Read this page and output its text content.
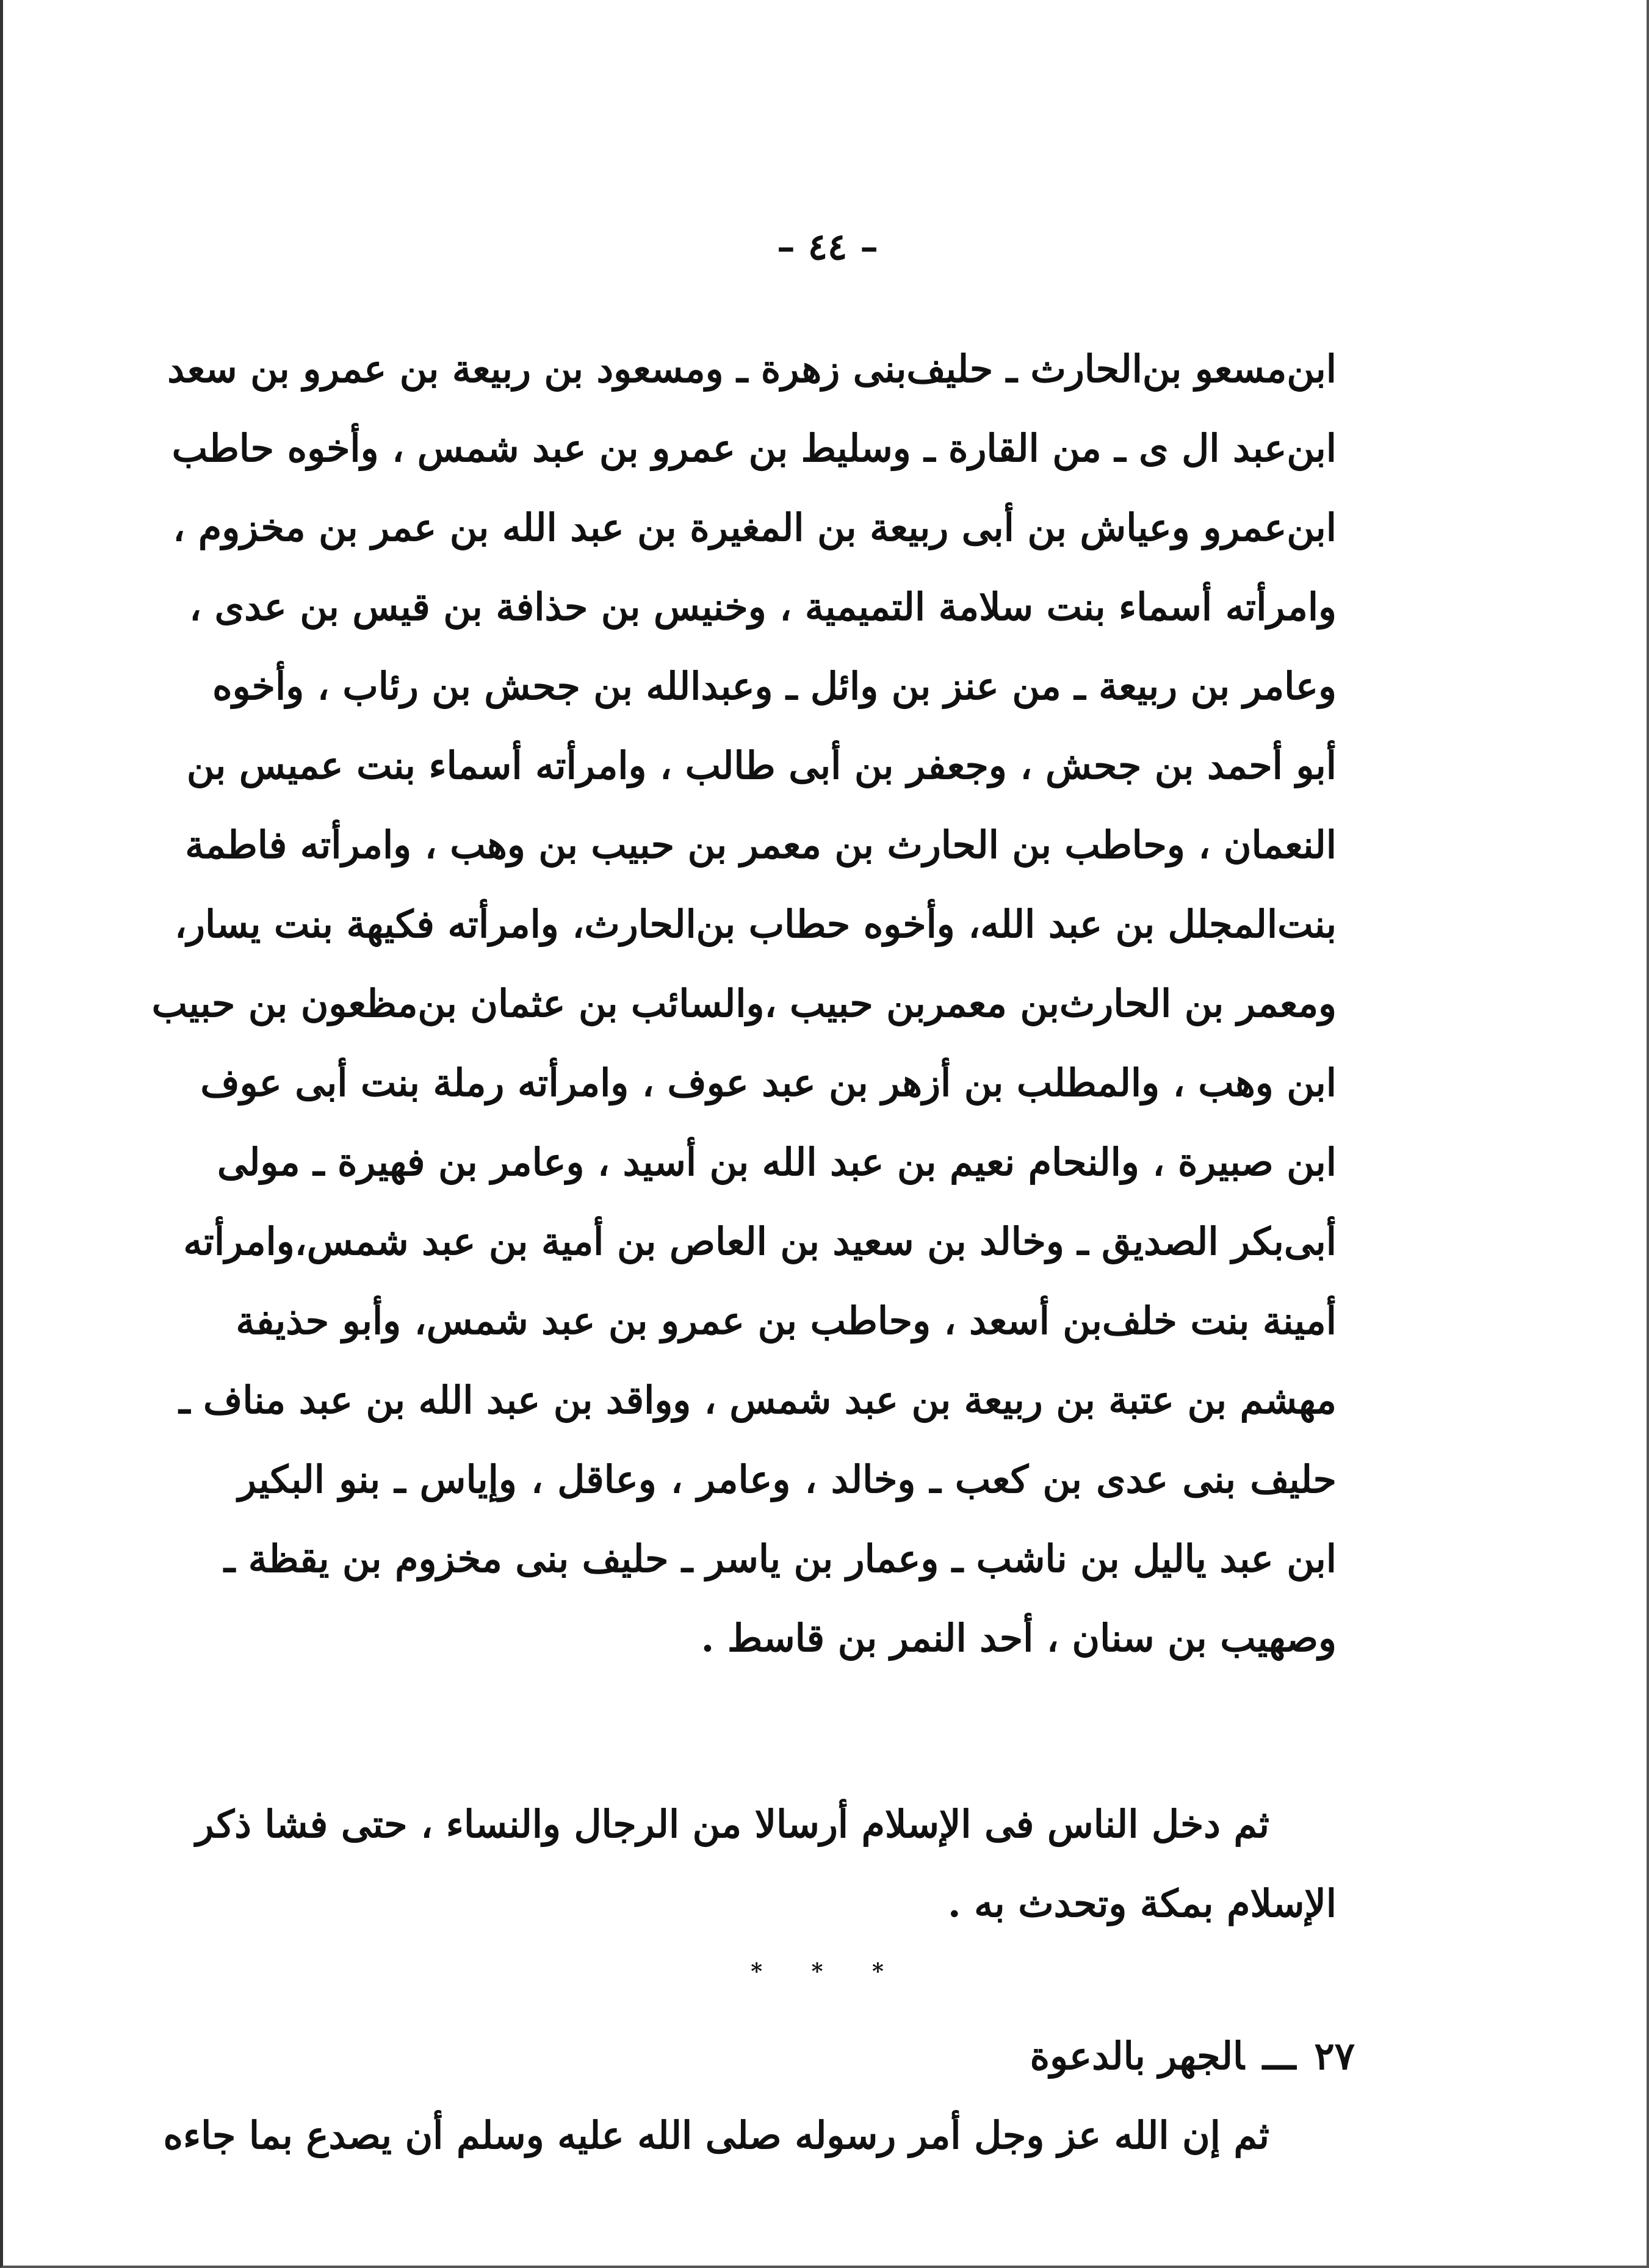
– ٤٤ –
ابن‌مسعو بن‌الحارث ـ حليف‌بنى زهرة ـ ومسعود بن ربيعة بن عمرو بن سعد
ابن‌عبد ال ى ـ من القارة ـ وسليط بن عمرو بن عبد شمس ، وأخوه حاطب
ابن‌عمرو وعياش بن أبى ربيعة بن المغيرة بن عبد الله بن عمر بن مخزوم ،
وامرأته أسماء بنت سلامة التميمية ، وخنيس بن حذافة بن قيس بن عدى ،
وعامر بن ربيعة ـ من عنز بن وائل ـ وعبدالله بن جحش بن رئاب ، وأخوه
أبو أحمد بن جحش ، وجعفر بن أبى طالب ، وامرأته أسماء بنت عميس بن
النعمان ، وحاطب بن الحارث بن معمر بن حبيب بن وهب ، وامرأته فاطمة
بنت‌المجلل بن عبد الله، وأخوه حطاب بن‌الحارث، وامرأته فكيهة بنت يسار،
ومعمر بن الحارث‌بن معمر‌بن حبيب ،والسائب بن عثمان بن‌مظعون بن حبيب
ابن وهب ، والمطلب بن أزهر بن عبد عوف ، وامرأته رملة بنت أبى عوف
ابن صبيرة ، والنحام نعيم بن عبد الله بن أسيد ، وعامر بن فهيرة ـ مولى
أبى‌بكر الصديق ـ وخالد بن سعيد بن العاص بن أمية بن عبد شمس،وامرأته
أمينة بنت خلف‌بن أسعد ، وحاطب بن عمرو بن عبد شمس، وأبو حذيفة
مهشم بن عتبة بن ربيعة بن عبد شمس ، وواقد بن عبد الله بن عبد مناف ـ
حليف بنى عدى بن كعب ـ وخالد ، وعامر ، وعاقل ، وإياس ـ بنو البكير
ابن عبد ياليل بن ناشب ـ وعمار بن ياسر ـ حليف بنى مخزوم بن يقظة ـ
وصهيب بن سنان ، أحد النمر بن قاسط .
ثم دخل الناس فى الإسلام أرسالا من الرجال والنساء ، حتى فشا ذكر
الإسلام بمكة وتحدث به .
* * *
٢٧ـــالجهر بالدعوة
ثم إن الله عز وجل أمر رسوله صلى الله عليه وسلم أن يصدع بما جاءه
